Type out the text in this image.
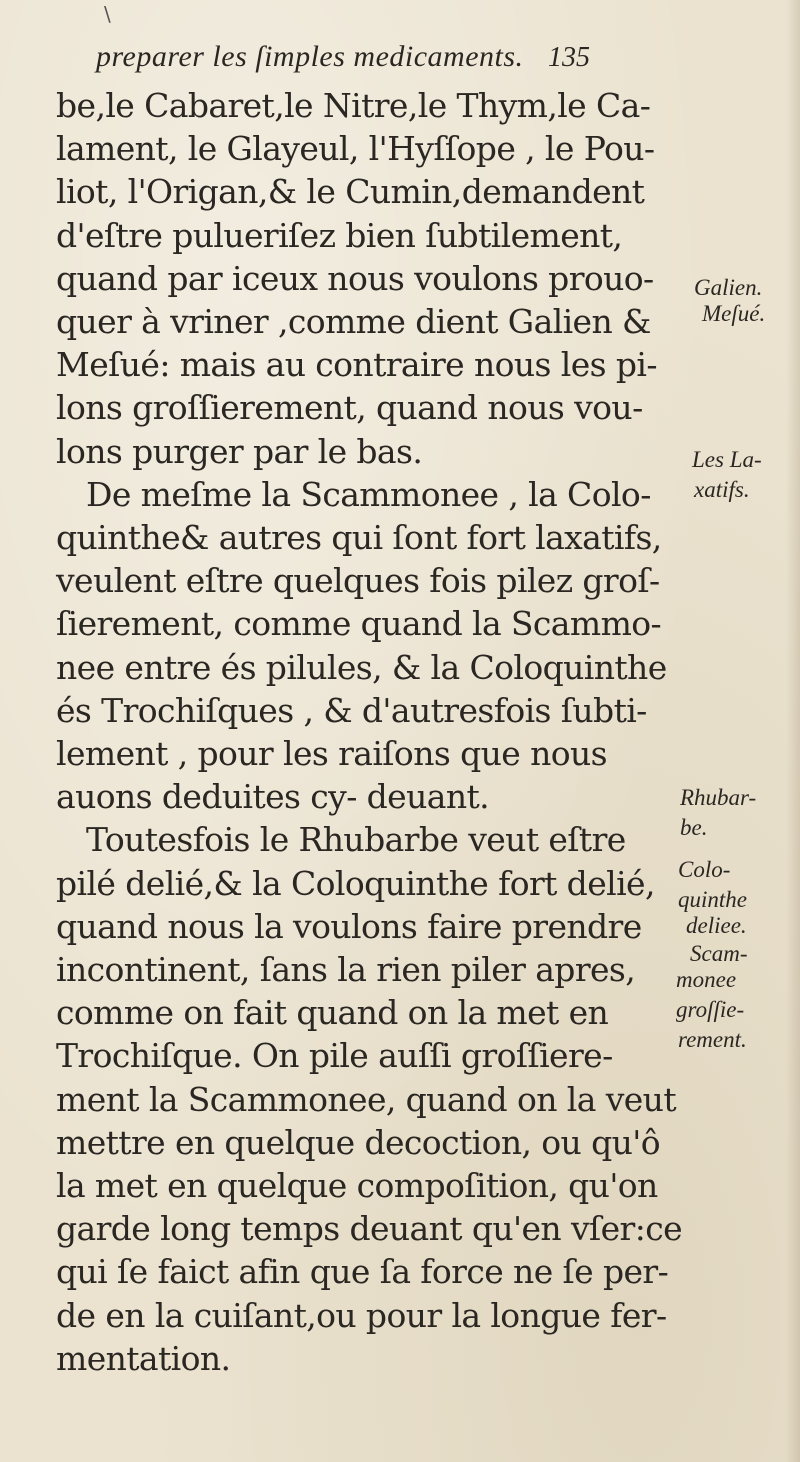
\
preparer les ſimples medicaments. 135
be,le Cabaret,le Nitre,le Thym,le Ca-
lament, le Glayeul, l'Hyſſope , le Pou-
liot, l'Origan,& le Cumin,demandent
d'eſtre pulueriſez bien ſubtilement,
quand par iceux nous voulons prouo-
quer à vriner ,comme dient Galien &
Meſué: mais au contraire nous les pi-
lons groſſierement, quand nous vou-
lons purger par le bas.
De meſme la Scammonee , la Colo-
quinthe& autres qui ſont fort laxatifs,
veulent eſtre quelques fois pilez groſ-
ſierement, comme quand la Scammo-
nee entre és pilules, & la Coloquinthe
és Trochiſques , & d'autresfois ſubti-
lement , pour les raiſons que nous
auons deduites cy- deuant.
Toutesfois le Rhubarbe veut eſtre
pilé delié,& la Coloquinthe fort delié,
quand nous la voulons faire prendre
incontinent, ſans la rien piler apres,
comme on fait quand on la met en
Trochiſque. On pile auſſi groſſiere-
ment la Scammonee, quand on la veut
mettre en quelque decoction, ou qu'ô
la met en quelque compoſition, qu'on
garde long temps deuant qu'en vſer:ce
qui ſe faict afin que ſa force ne ſe per-
de en la cuiſant,ou pour la longue fer-
mentation.
Galien.
Meſué.
Les La-
xatifs.
Rhubar-
be.
Colo-
quinthe
deliee.
Scam-
monee
groſſie-
rement.
